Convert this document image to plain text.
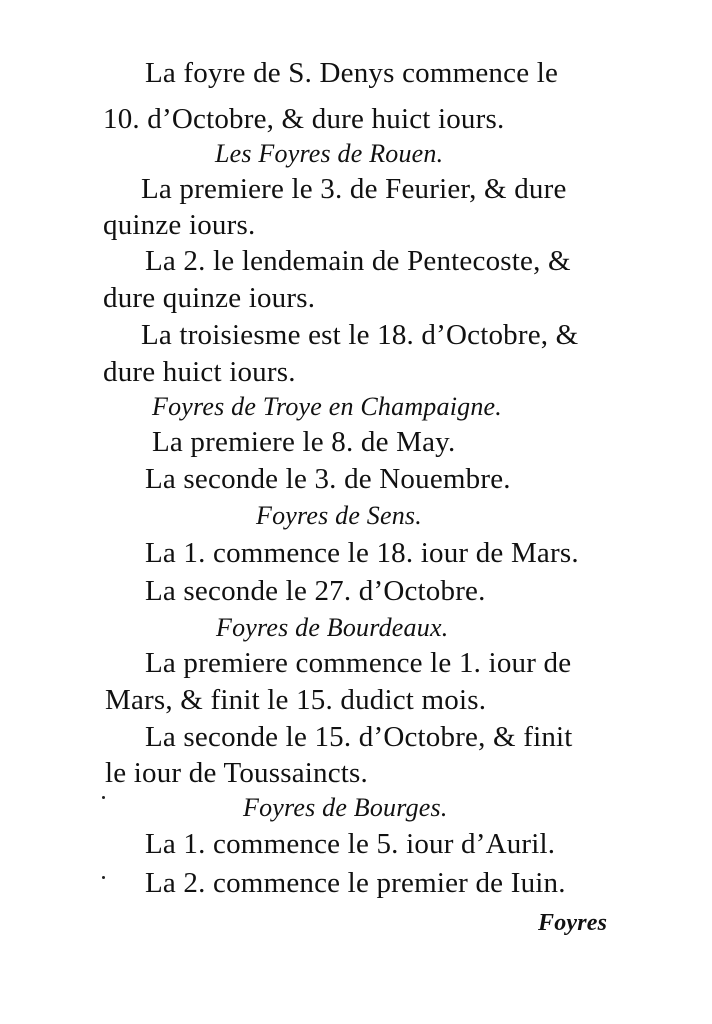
La foyre de S. Denys commence le
10. d’Octobre, & dure huict iours.
Les Foyres de Rouen.
La premiere le 3. de Feurier, & dure
quinze iours.
La 2. le lendemain de Pentecoste, &
dure quinze iours.
La troisiesme est le 18. d’Octobre, &
dure huict iours.
Foyres de Troye en Champaigne.
La premiere le 8. de May.
La seconde le 3. de Nouembre.
Foyres de Sens.
La 1. commence le 18. iour de Mars.
La seconde le 27. d’Octobre.
Foyres de Bourdeaux.
La premiere commence le 1. iour de
Mars, & finit le 15. dudict mois.
La seconde le 15. d’Octobre, & finit
le iour de Toussaincts.
Foyres de Bourges.
La 1. commence le 5. iour d’Auril.
La 2. commence le premier de Iuin.
Foyres
